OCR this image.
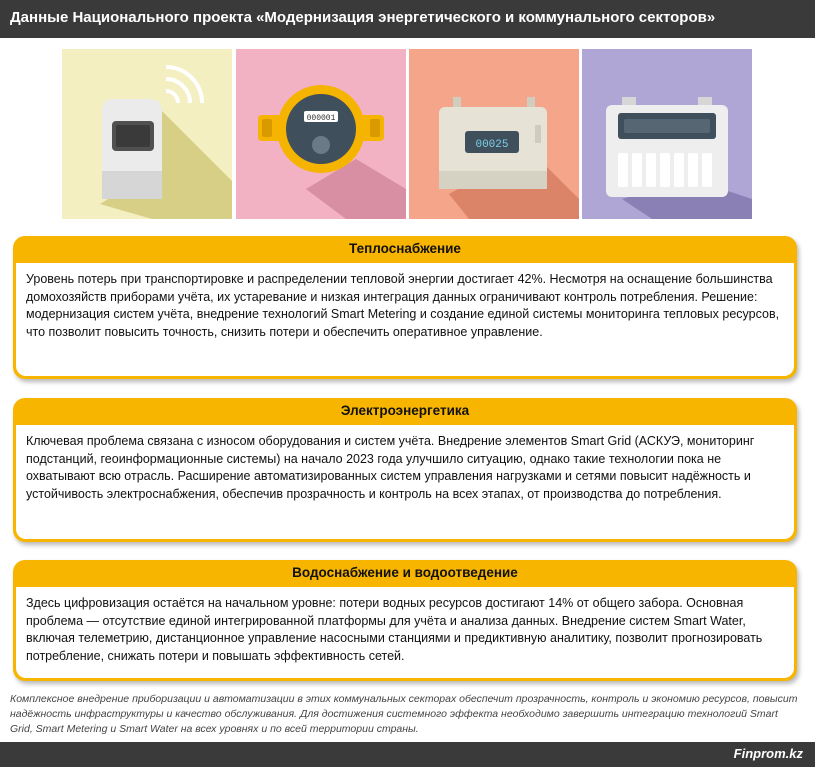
Данные Национального проекта «Модернизация энергетического и коммунального секторов»
000001
00025
Теплоснабжение
Уровень потерь при транспортировке и распределении тепловой энергии достигает 42%. Несмотря на оснащение большинства домохозяйств приборами учёта, их устаревание и низкая интеграция данных ограничивают контроль потребления. Решение: модернизация систем учёта, внедрение технологий Smart Metering и создание единой системы мониторинга тепловых ресурсов, что позволит повысить точность, снизить потери и обеспечить оперативное управление.
Электроэнергетика
Ключевая проблема связана с износом оборудования и систем учёта. Внедрение элементов Smart Grid (АСКУЭ, мониторинг подстанций, геоинформационные системы) на начало 2023 года улучшило ситуацию, однако такие технологии пока не охватывают всю отрасль. Расширение автоматизированных систем управления нагрузками и сетями повысит надёжность и устойчивость электроснабжения, обеспечив прозрачность и контроль на всех этапах, от производства до потребления.
Водоснабжение и водоотведение
Здесь цифровизация остаётся на начальном уровне: потери водных ресурсов достигают 14% от общего забора. Основная проблема — отсутствие единой интегрированной платформы для учёта и анализа данных. Внедрение систем Smart Water, включая телеметрию, дистанционное управление насосными станциями и предиктивную аналитику, позволит прогнозировать потребление, снижать потери и повышать эффективность сетей.
Комплексное внедрение приборизации и автоматизации в этих коммунальных секторах обеспечит прозрачность, контроль и экономию ресурсов, повысит надёжность инфраструктуры и качество обслуживания. Для достижения системного эффекта необходимо завершить интеграцию технологий Smart Grid, Smart Metering и Smart Water на всех уровнях и по всей территории страны.
Finprom.kz
